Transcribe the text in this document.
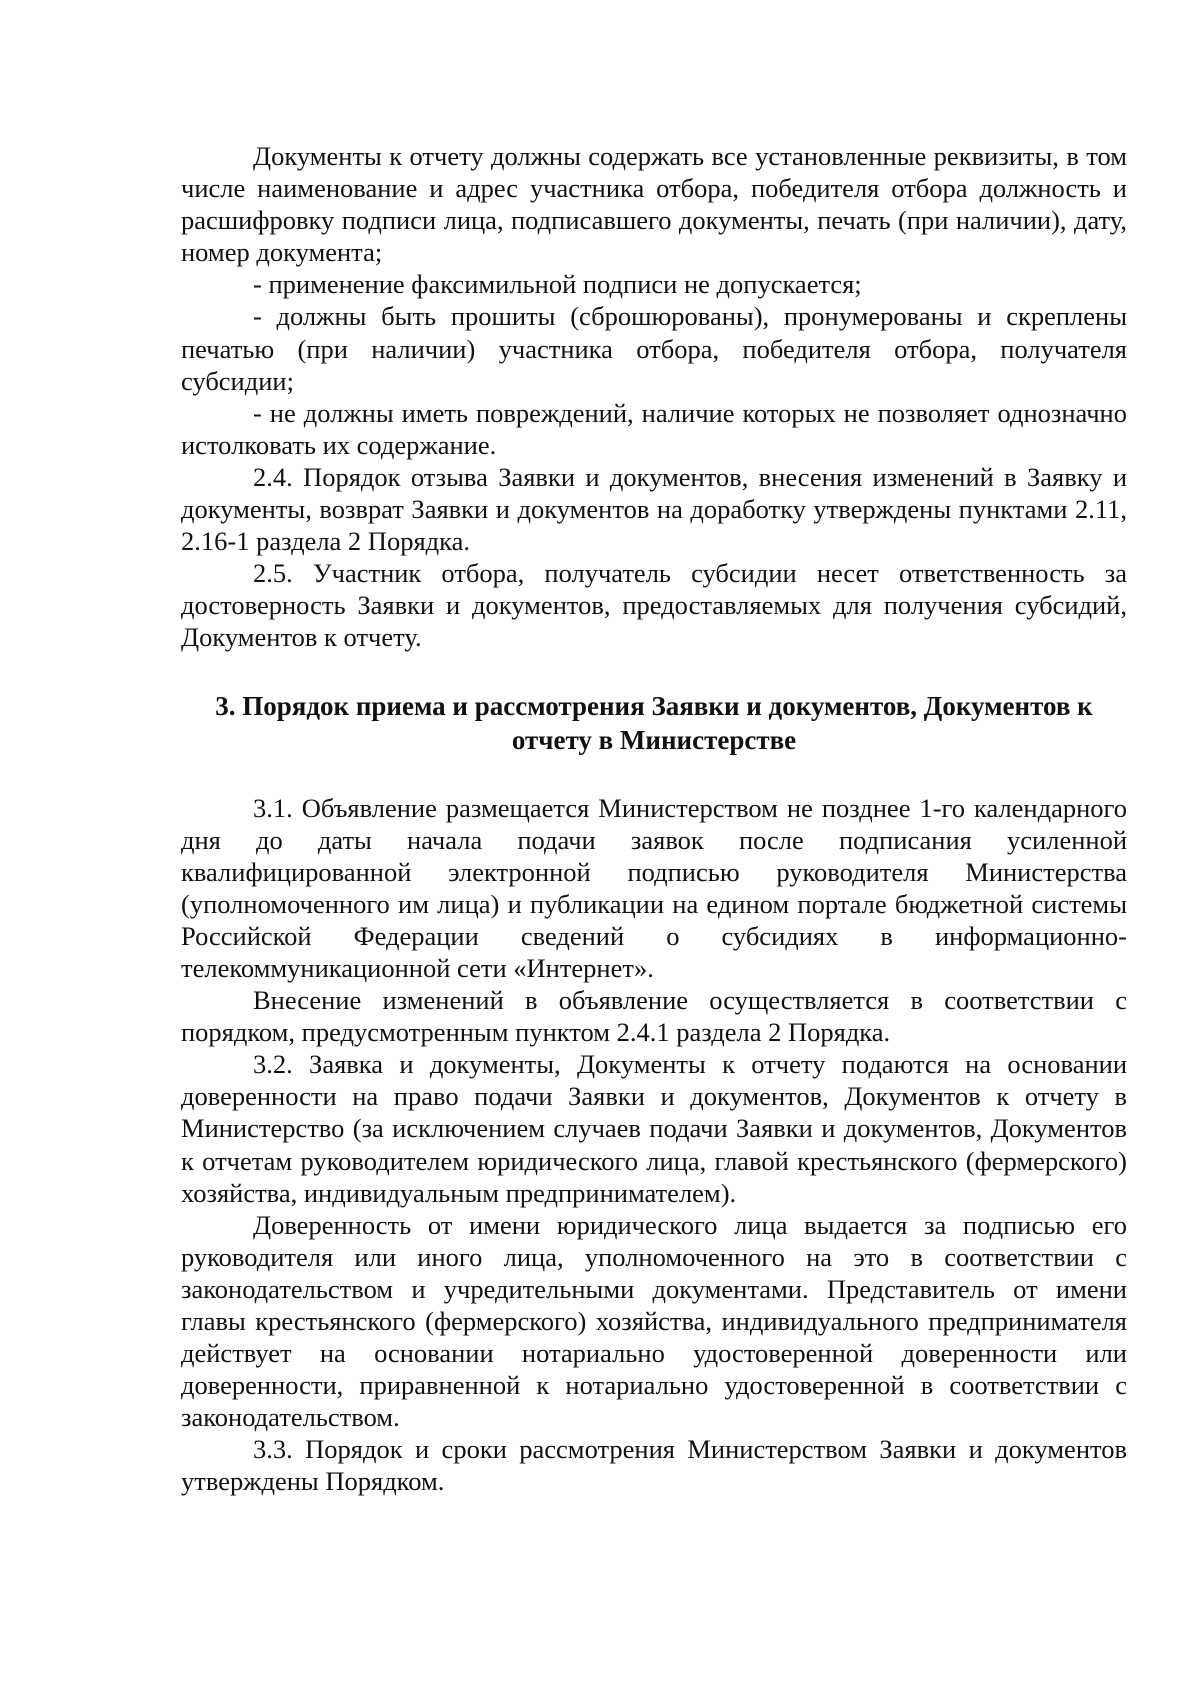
Документы к отчету должны содержать все установленные реквизиты, в том числе наименование и адрес участника отбора, победителя отбора должность и расшифровку подписи лица, подписавшего документы, печать (при наличии), дату, номер документа;

- применение факсимильной подписи не допускается;

- должны быть прошиты (сброшюрованы), пронумерованы и скреплены печатью (при наличии) участника отбора, победителя отбора, получателя субсидии;

- не должны иметь повреждений, наличие которых не позволяет однозначно истолковать их содержание.

2.4. Порядок отзыва Заявки и документов, внесения изменений в Заявку и документы, возврат Заявки и документов на доработку утверждены пунктами 2.11, 2.16-1 раздела 2 Порядка.

2.5. Участник отбора, получатель субсидии несет ответственность за достоверность Заявки и документов, предоставляемых для получения субсидий, Документов к отчету.

3. Порядок приема и рассмотрения Заявки и документов, Документов к отчету в Министерстве

3.1. Объявление размещается Министерством не позднее 1-го календарного дня до даты начала подачи заявок после подписания усиленной квалифицированной электронной подписью руководителя Министерства (уполномоченного им лица) и публикации на едином портале бюджетной системы Российской Федерации сведений о субсидиях в информационно-телекоммуникационной сети «Интернет».

Внесение изменений в объявление осуществляется в соответствии с порядком, предусмотренным пунктом 2.4.1 раздела 2 Порядка.

3.2. Заявка и документы, Документы к отчету подаются на основании доверенности на право подачи Заявки и документов, Документов к отчету в Министерство (за исключением случаев подачи Заявки и документов, Документов к отчетам руководителем юридического лица, главой крестьянского (фермерского) хозяйства, индивидуальным предпринимателем).

Доверенность от имени юридического лица выдается за подписью его руководителя или иного лица, уполномоченного на это в соответствии с законодательством и учредительными документами. Представитель от имени главы крестьянского (фермерского) хозяйства, индивидуального предпринимателя действует на основании нотариально удостоверенной доверенности или доверенности, приравненной к нотариально удостоверенной в соответствии с законодательством.

3.3. Порядок и сроки рассмотрения Министерством Заявки и документов утверждены Порядком.
